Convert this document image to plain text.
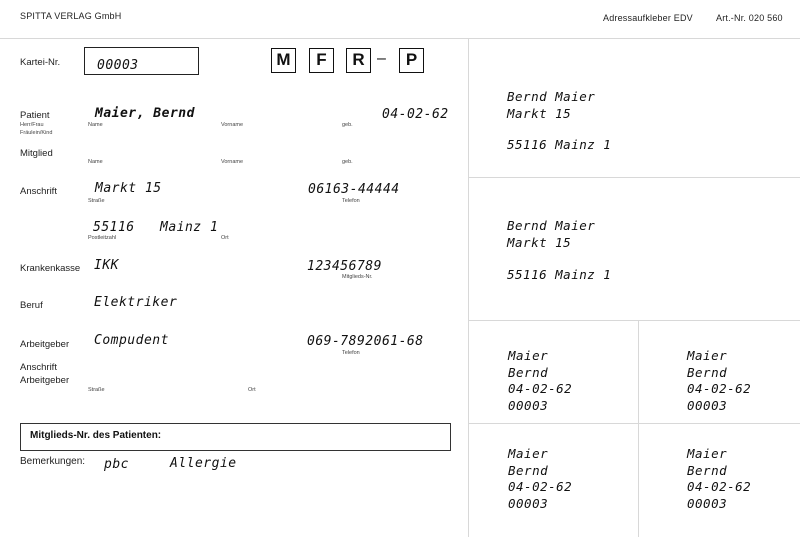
SPITTA VERLAG GmbH	Adressaufkleber EDV	Art.-Nr. 020 560
Kartei-Nr.	00003	M	F	R –	P
Patient
Herr/Frau
Fräulein/Kind
Maier, Bernd	04-02-62
Name	Vorname	geb.
Mitglied
Name	Vorname	geb.
Anschrift	Markt 15	06163-44444
Straße	Telefon
55116 Mainz 1
Postleitzahl	Ort
Krankenkasse IKK	123456789
Mitglieds-Nr.
Beruf	Elektriker
Arbeitgeber Compudent	069-7892061-68
Telefon
Anschrift
Arbeitgeber
Straße	Ort
Mitglieds-Nr. des Patienten:
Bemerkungen: pbc	Allergie
Bernd Maier
Markt 15
55116 Mainz 1
Bernd Maier
Markt 15
55116 Mainz 1
Maier
Bernd
04-02-62
00003
Maier
Bernd
04-02-62
00003
Maier
Bernd
04-02-62
00003
Maier
Bernd
04-02-62
00003
